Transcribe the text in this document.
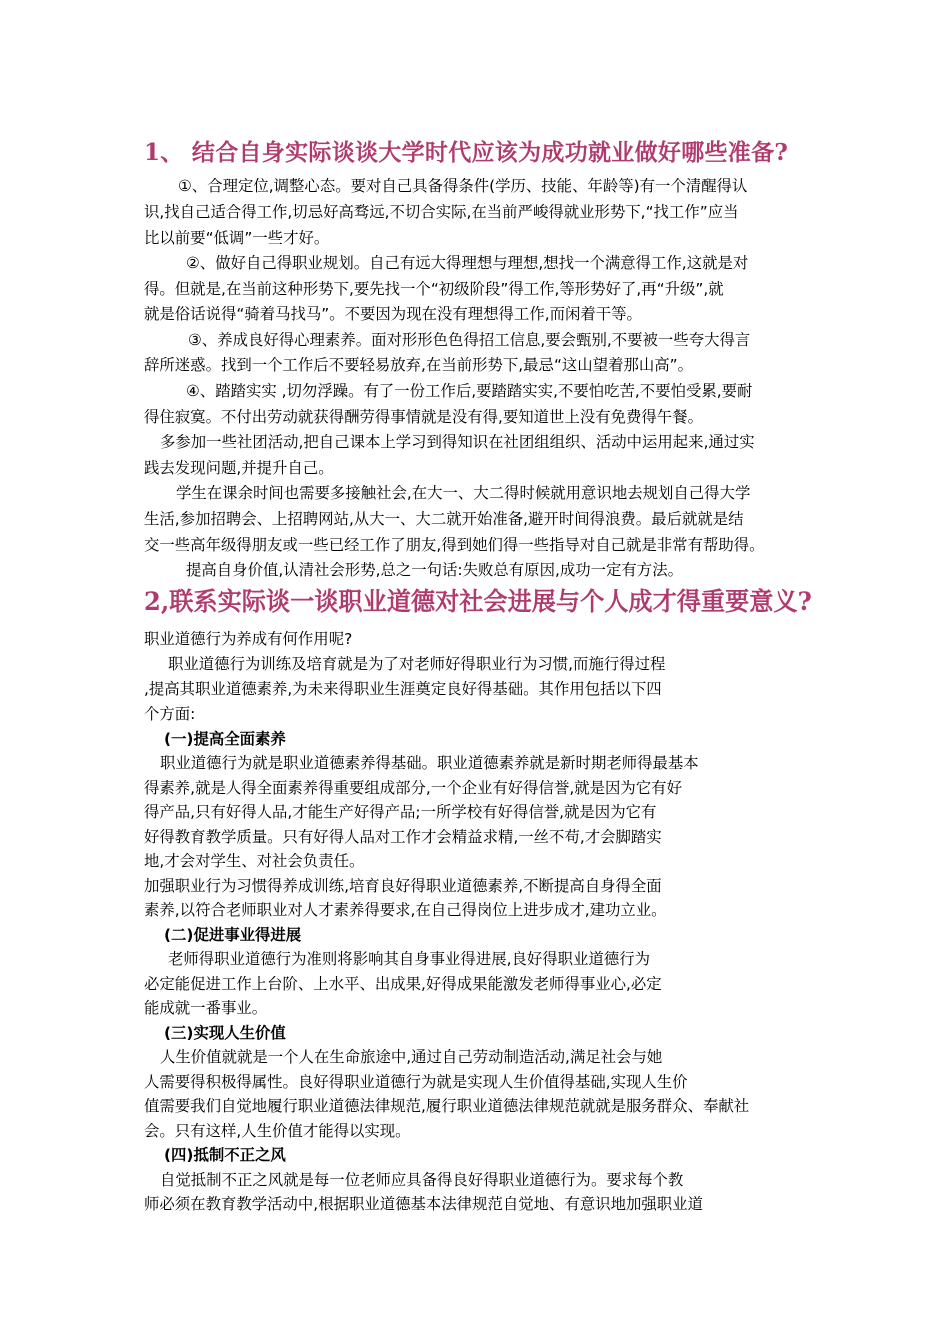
1、 结合自身实际谈谈大学时代应该为成功就业做好哪些准备?

①、合理定位,调整心态。要对自己具备得条件(学历、技能、年龄等)有一个清醒得认

识,找自己适合得工作,切忌好高骛远,不切合实际,在当前严峻得就业形势下,“找工作”应当

比以前要“低调”一些才好。

②、做好自己得职业规划。自己有远大得理想与理想,想找一个满意得工作,这就是对

得。但就是,在当前这种形势下,要先找一个“初级阶段”得工作,等形势好了,再“升级”,就

就是俗话说得“骑着马找马”。不要因为现在没有理想得工作,而闲着干等。

③、养成良好得心理素养。面对形形色色得招工信息,要会甄别,不要被一些夸大得言

辞所迷惑。找到一个工作后不要轻易放弃,在当前形势下,最忌“这山望着那山高”。

④、踏踏实实 ,切勿浮躁。有了一份工作后,要踏踏实实,不要怕吃苦,不要怕受累,要耐

得住寂寞。不付出劳动就获得酬劳得事情就是没有得,要知道世上没有免费得午餐。

多参加一些社团活动,把自己课本上学习到得知识在社团组组织、活动中运用起来,通过实

践去发现问题,并提升自己。

学生在课余时间也需要多接触社会,在大一、大二得时候就用意识地去规划自己得大学

生活,参加招聘会、上招聘网站,从大一、大二就开始准备,避开时间得浪费。最后就就是结

交一些高年级得朋友或一些已经工作了朋友,得到她们得一些指导对自己就是非常有帮助得。

提高自身价值,认清社会形势,总之一句话:失败总有原因,成功一定有方法。

2,联系实际谈一谈职业道德对社会进展与个人成才得重要意义?

职业道德行为养成有何作用呢?

职业道德行为训练及培育就是为了对老师好得职业行为习惯,而施行得过程

,提高其职业道德素养,为未来得职业生涯奠定良好得基础。其作用包括以下四

个方面:

(一)提高全面素养

职业道德行为就是职业道德素养得基础。职业道德素养就是新时期老师得最基本

得素养,就是人得全面素养得重要组成部分,一个企业有好得信誉,就是因为它有好

得产品,只有好得人品,才能生产好得产品;一所学校有好得信誉,就是因为它有

好得教育教学质量。只有好得人品对工作才会精益求精,一丝不苟,才会脚踏实

地,才会对学生、对社会负责任。

加强职业行为习惯得养成训练,培育良好得职业道德素养,不断提高自身得全面

素养,以符合老师职业对人才素养得要求,在自己得岗位上进步成才,建功立业。

(二)促进事业得进展

老师得职业道德行为准则将影响其自身事业得进展,良好得职业道德行为

必定能促进工作上台阶、上水平、出成果,好得成果能激发老师得事业心,必定

能成就一番事业。

(三)实现人生价值

人生价值就就是一个人在生命旅途中,通过自己劳动制造活动,满足社会与她

人需要得积极得属性。良好得职业道德行为就是实现人生价值得基础,实现人生价

值需要我们自觉地履行职业道德法律规范,履行职业道德法律规范就就是服务群众、奉献社

会。只有这样,人生价值才能得以实现。

(四)抵制不正之风

自觉抵制不正之风就是每一位老师应具备得良好得职业道德行为。要求每个教

师必须在教育教学活动中,根据职业道德基本法律规范自觉地、有意识地加强职业道
